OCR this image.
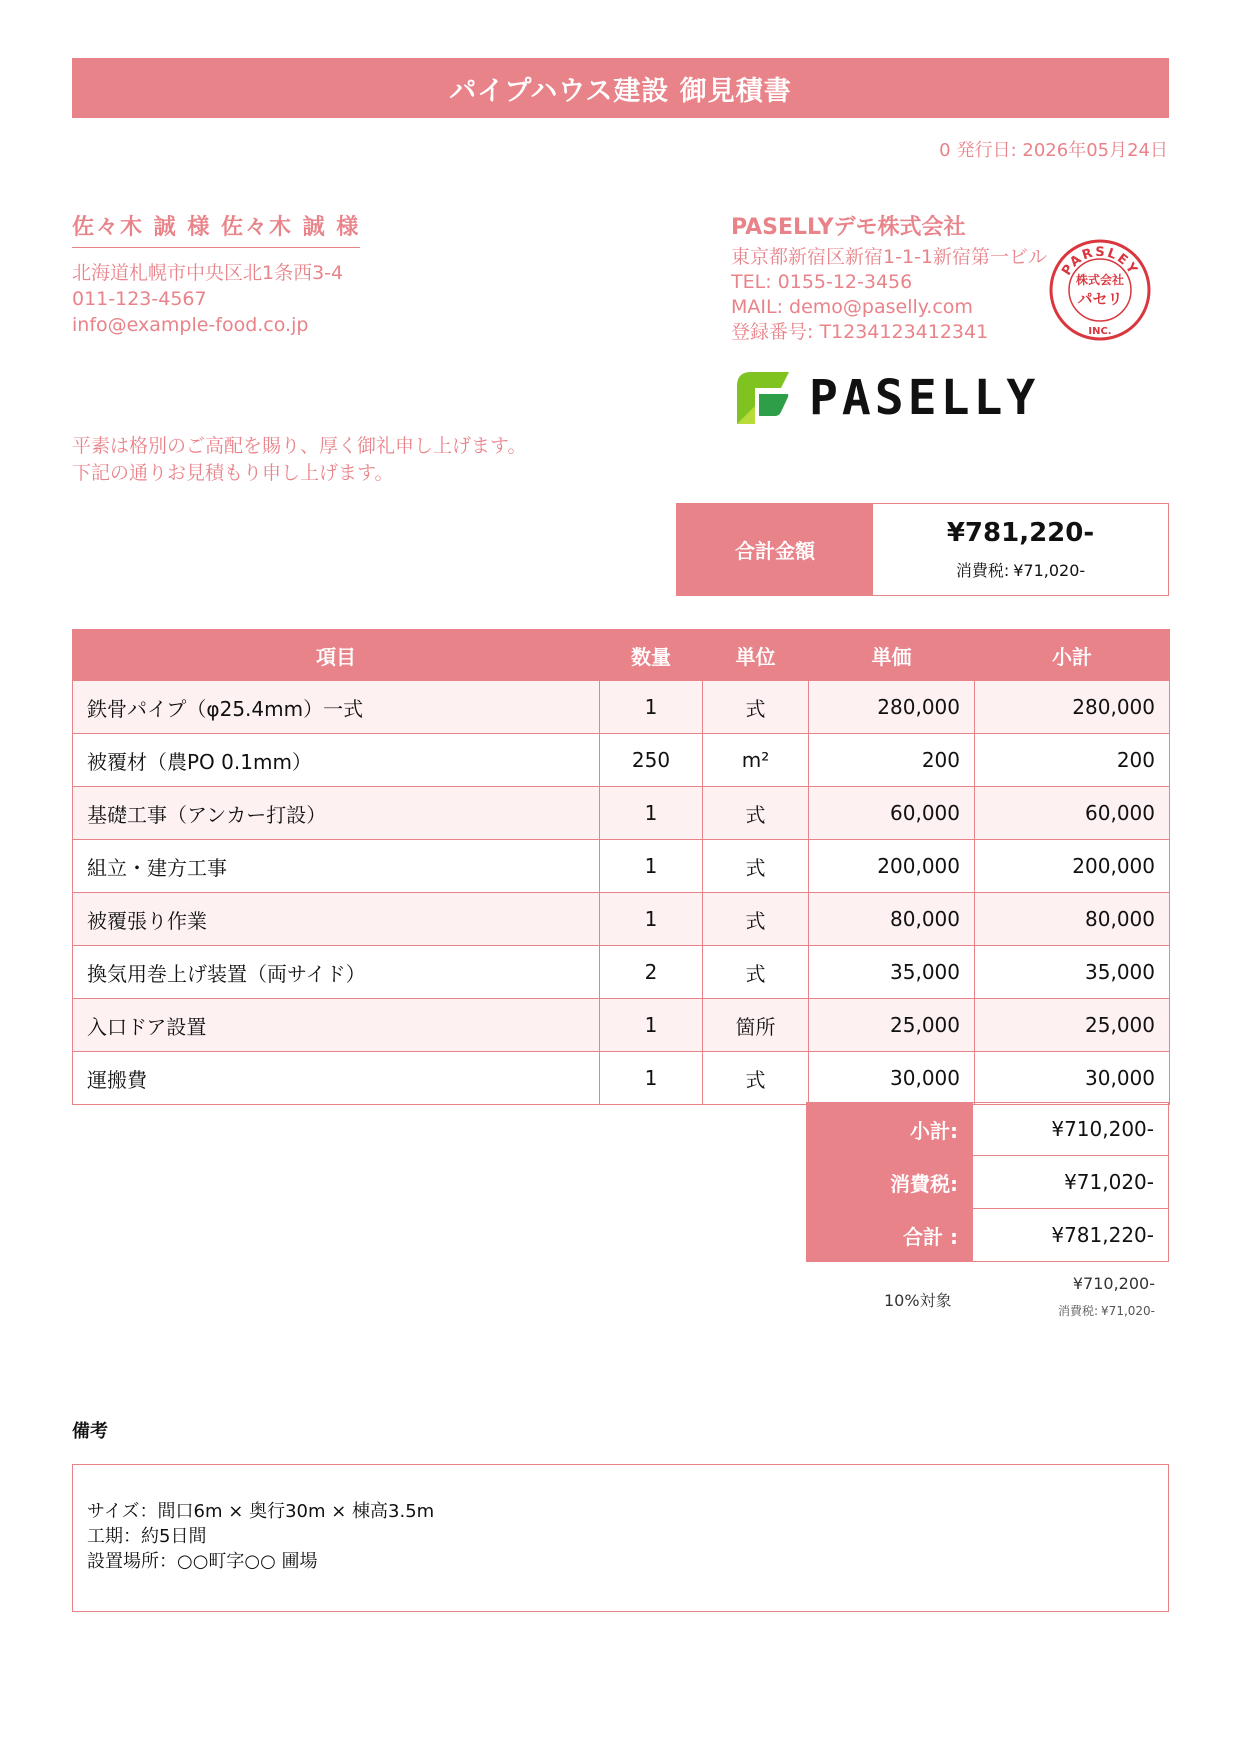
パイプハウス建設 御見積書
0 発行日: 2026年05月24日
佐々木 誠 様 佐々木 誠 様
北海道札幌市中央区北1条西3-4
011-123-4567
info@example-food.co.jp
平素は格別のご高配を賜り、厚く御礼申し上げます。
下記の通りお見積もり申し上げます。
PASELLYデモ株式会社
東京都新宿区新宿1-1-1新宿第一ビル
TEL: 0155-12-3456
MAIL: demo@paselly.com
登録番号: T1234123412341
PARSLEY
株式会社
パセリ
INC.
PASELLY
合計金額
¥781,220-
消費税: ¥71,020-
項目	数量	単位	単価	小計
鉄骨パイプ（φ25.4mm）一式	1	式	280,000	280,000
被覆材（農PO 0.1mm）	250	m²	200	200
基礎工事（アンカー打設）	1	式	60,000	60,000
組立・建方工事	1	式	200,000	200,000
被覆張り作業	1	式	80,000	80,000
換気用巻上げ装置（両サイド）	2	式	35,000	35,000
入口ドア設置	1	箇所	25,000	25,000
運搬費	1	式	30,000	30,000
小計:	¥710,200-
消費税:	¥71,020-
合計 :	¥781,220-
10%対象
¥710,200-
消費税: ¥71,020-
備考
サイズ：間口6m × 奥行30m × 棟高3.5m
工期：約5日間
設置場所：○○町字○○ 圃場
